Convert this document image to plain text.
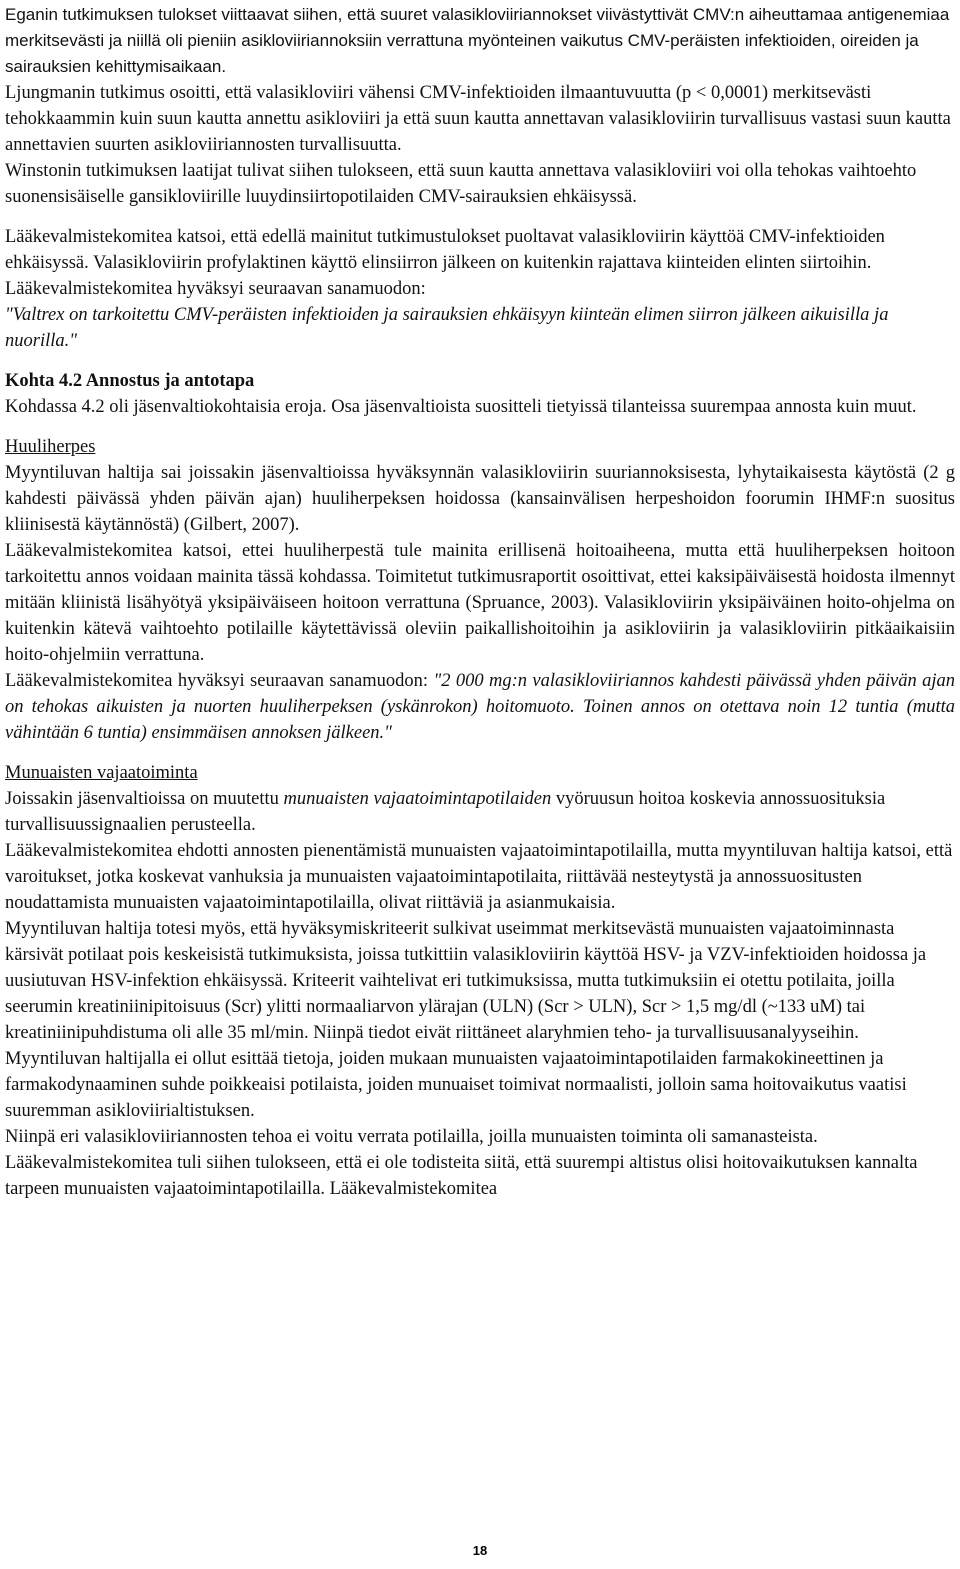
Eganin tutkimuksen tulokset viittaavat siihen, että suuret valasikloviiriannokset viivästyttivät CMV:n aiheuttamaa antigenemiaa merkitsevästi ja niillä oli pieniin asikloviiriannoksiin verrattuna myönteinen vaikutus CMV-peräisten infektioiden, oireiden ja sairauksien kehittymisaikaan.

Ljungmanin tutkimus osoitti, että valasikloviiri vähensi CMV-infektioiden ilmaantuvuutta (p < 0,0001) merkitsevästi tehokkaammin kuin suun kautta annettu asikloviiri ja että suun kautta annettavan valasikloviirin turvallisuus vastasi suun kautta annettavien suurten asikloviiriannosten turvallisuutta.

Winstonin tutkimuksen laatijat tulivat siihen tulokseen, että suun kautta annettava valasikloviiri voi olla tehokas vaihtoehto suonensisäiselle gansikloviirille luuydinsiirtopotilaiden CMV-sairauksien ehkäisyssä.

Lääkevalmistekomitea katsoi, että edellä mainitut tutkimustulokset puoltavat valasikloviirin käyttöä CMV-infektioiden ehkäisyssä. Valasikloviirin profylaktinen käyttö elinsiirron jälkeen on kuitenkin rajattava kiinteiden elinten siirtoihin.

Lääkevalmistekomitea hyväksyi seuraavan sanamuodon:

"Valtrex on tarkoitettu CMV-peräisten infektioiden ja sairauksien ehkäisyyn kiinteän elimen siirron jälkeen aikuisilla ja nuorilla."

Kohta 4.2 Annostus ja antotapa

Kohdassa 4.2 oli jäsenvaltiokohtaisia eroja. Osa jäsenvaltioista suositteli tietyissä tilanteissa suurempaa annosta kuin muut.

Huuliherpes

Myyntiluvan haltija sai joissakin jäsenvaltioissa hyväksynnän valasikloviirin suuriannoksisesta, lyhytaikaisesta käytöstä (2 g kahdesti päivässä yhden päivän ajan) huuliherpeksen hoidossa (kansainvälisen herpeshoidon foorumin IHMF:n suositus kliinisestä käytännöstä) (Gilbert, 2007).

Lääkevalmistekomitea katsoi, ettei huuliherpestä tule mainita erillisenä hoitoaiheena, mutta että huuliherpeksen hoitoon tarkoitettu annos voidaan mainita tässä kohdassa. Toimitetut tutkimusraportit osoittivat, ettei kaksipäiväisestä hoidosta ilmennyt mitään kliinistä lisähyötyä yksipäiväiseen hoitoon verrattuna (Spruance, 2003). Valasikloviirin yksipäiväinen hoito-ohjelma on kuitenkin kätevä vaihtoehto potilaille käytettävissä oleviin paikallishoitoihin ja asikloviirin ja valasikloviirin pitkäaikaisiin hoito-ohjelmiin verrattuna.

Lääkevalmistekomitea hyväksyi seuraavan sanamuodon: "2 000 mg:n valasikloviiriannos kahdesti päivässä yhden päivän ajan on tehokas aikuisten ja nuorten huuliherpeksen (yskänrokon) hoitomuoto. Toinen annos on otettava noin 12 tuntia (mutta vähintään 6 tuntia) ensimmäisen annoksen jälkeen."

Munuaisten vajaatoiminta

Joissakin jäsenvaltioissa on muutettu munuaisten vajaatoimintapotilaiden vyöruusun hoitoa koskevia annossuosituksia turvallisuussignaalien perusteella.

Lääkevalmistekomitea ehdotti annosten pienentämistä munuaisten vajaatoimintapotilailla, mutta myyntiluvan haltija katsoi, että varoitukset, jotka koskevat vanhuksia ja munuaisten vajaatoimintapotilaita, riittävää nesteytystä ja annossuositusten noudattamista munuaisten vajaatoimintapotilailla, olivat riittäviä ja asianmukaisia.

Myyntiluvan haltija totesi myös, että hyväksymiskriteerit sulkivat useimmat merkitsevästä munuaisten vajaatoiminnasta kärsivät potilaat pois keskeisistä tutkimuksista, joissa tutkittiin valasikloviirin käyttöä HSV- ja VZV-infektioiden hoidossa ja uusiutuvan HSV-infektion ehkäisyssä. Kriteerit vaihtelivat eri tutkimuksissa, mutta tutkimuksiin ei otettu potilaita, joilla seerumin kreatiniinipitoisuus (Scr) ylitti normaaliarvon ylärajan (ULN) (Scr > ULN), Scr > 1,5 mg/dl (~133 uM) tai kreatiniinipuhdistuma oli alle 35 ml/min. Niinpä tiedot eivät riittäneet alaryhmien teho- ja turvallisuusanalyyseihin.

Myyntiluvan haltijalla ei ollut esittää tietoja, joiden mukaan munuaisten vajaatoimintapotilaiden farmakokineettinen ja farmakodynaaminen suhde poikkeaisi potilaista, joiden munuaiset toimivat normaalisti, jolloin sama hoitovaikutus vaatisi suuremman asikloviirialtistuksen.

Niinpä eri valasikloviiriannosten tehoa ei voitu verrata potilailla, joilla munuaisten toiminta oli samanasteista.

Lääkevalmistekomitea tuli siihen tulokseen, että ei ole todisteita siitä, että suurempi altistus olisi hoitovaikutuksen kannalta tarpeen munuaisten vajaatoimintapotilailla. Lääkevalmistekomitea

18
